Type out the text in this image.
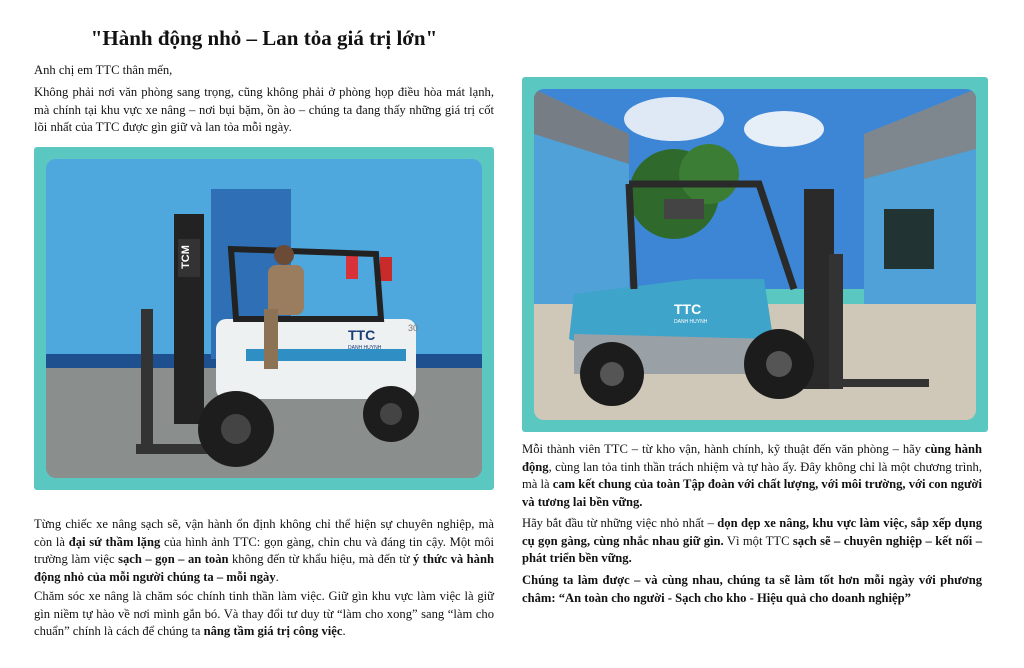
"Hành động nhỏ – Lan tỏa giá trị lớn"

Anh chị em TTC thân mến,

Không phải nơi văn phòng sang trọng, cũng không phải ở phòng họp điều hòa mát lạnh, mà chính tại khu vực xe nâng – nơi bụi bặm, ồn ào – chúng ta đang thấy những giá trị cốt lõi nhất của TTC được gìn giữ và lan tỏa mỗi ngày.

TCM
TTC
DANH HUYNH
30
TTC
DANH HUYNH

Từng chiếc xe nâng sạch sẽ, vận hành ổn định không chỉ thể hiện sự chuyên nghiệp, mà còn là đại sứ thầm lặng của hình ảnh TTC: gọn gàng, chỉn chu và đáng tin cậy. Một môi trường làm việc sạch – gọn – an toàn không đến từ khẩu hiệu, mà đến từ ý thức và hành động nhỏ của mỗi người chúng ta – mỗi ngày.

Chăm sóc xe nâng là chăm sóc chính tinh thần làm việc. Giữ gìn khu vực làm việc là giữ gìn niềm tự hào về nơi mình gắn bó. Và thay đổi tư duy từ “làm cho xong” sang “làm cho chuẩn” chính là cách để chúng ta nâng tầm giá trị công việc.

Mỗi thành viên TTC – từ kho vận, hành chính, kỹ thuật đến văn phòng – hãy cùng hành động, cùng lan tỏa tinh thần trách nhiệm và tự hào ấy. Đây không chỉ là một chương trình, mà là cam kết chung của toàn Tập đoàn với chất lượng, với môi trường, với con người và tương lai bền vững.

Hãy bắt đầu từ những việc nhỏ nhất – dọn dẹp xe nâng, khu vực làm việc, sắp xếp dụng cụ gọn gàng, cùng nhắc nhau giữ gìn. Vì một TTC sạch sẽ – chuyên nghiệp – kết nối – phát triển bền vững.

Chúng ta làm được – và cùng nhau, chúng ta sẽ làm tốt hơn mỗi ngày với phương châm: “An toàn cho người - Sạch cho kho - Hiệu quả cho doanh nghiệp”
